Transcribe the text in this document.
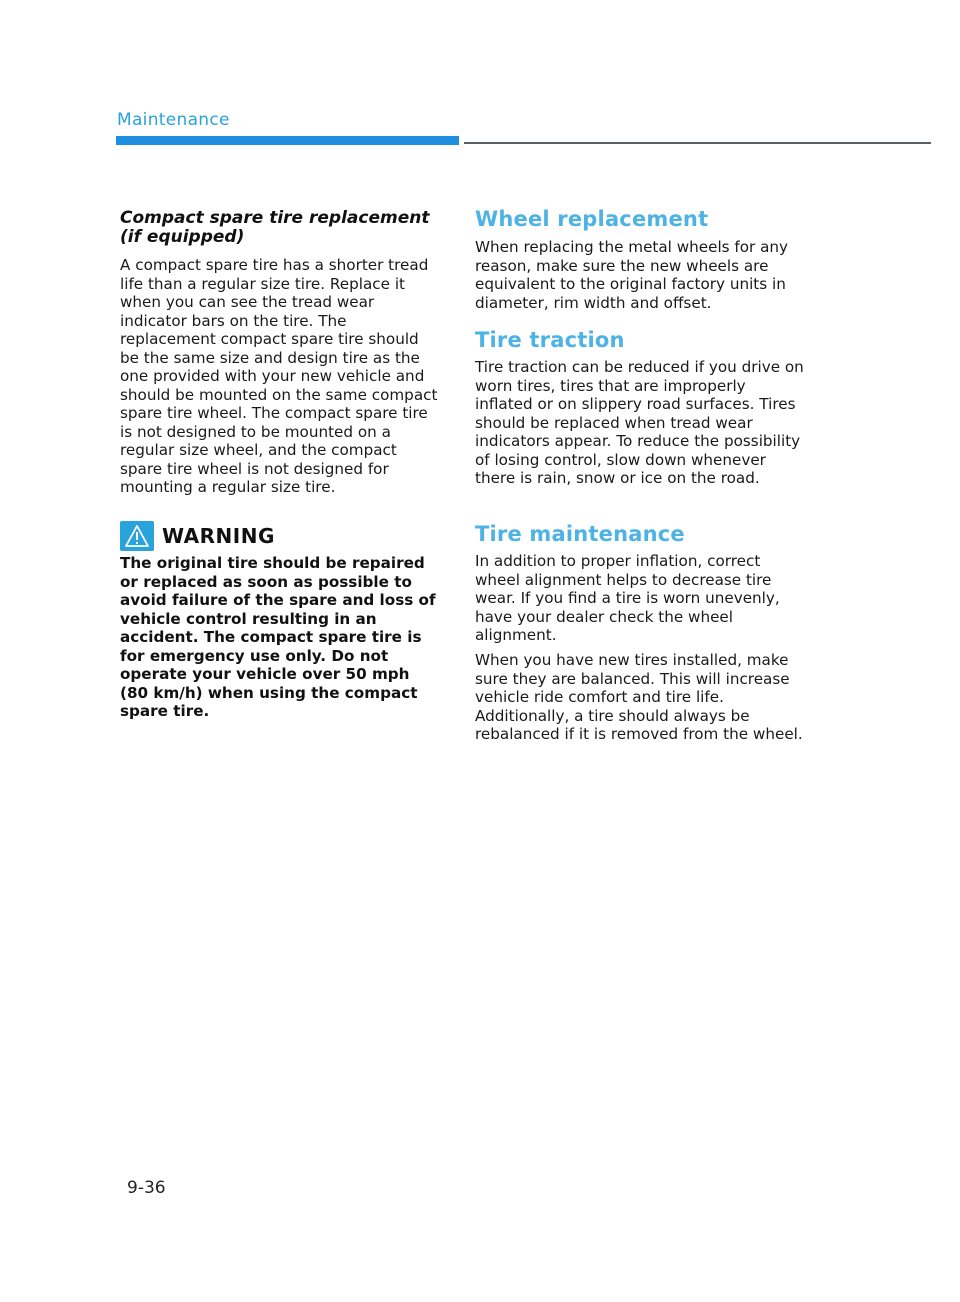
Maintenance
Compact spare tire replacement
(if equipped)

A compact spare tire has a shorter tread life than a regular size tire. Replace it when you can see the tread wear indicator bars on the tire. The replacement compact spare tire should be the same size and design tire as the one provided with your new vehicle and should be mounted on the same compact spare tire wheel. The compact spare tire is not designed to be mounted on a regular size wheel, and the compact spare tire wheel is not designed for mounting a regular size tire.

WARNING

The original tire should be repaired or replaced as soon as possible to avoid failure of the spare and loss of vehicle control resulting in an accident. The compact spare tire is for emergency use only. Do not operate your vehicle over 50 mph (80 km/h) when using the compact spare tire.

Wheel replacement

When replacing the metal wheels for any reason, make sure the new wheels are equivalent to the original factory units in diameter, rim width and offset.

Tire traction

Tire traction can be reduced if you drive on worn tires, tires that are improperly inflated or on slippery road surfaces. Tires should be replaced when tread wear indicators appear. To reduce the possibility of losing control, slow down whenever there is rain, snow or ice on the road.

Tire maintenance

In addition to proper inflation, correct wheel alignment helps to decrease tire wear. If you find a tire is worn unevenly, have your dealer check the wheel alignment.

When you have new tires installed, make sure they are balanced. This will increase vehicle ride comfort and tire life. Additionally, a tire should always be rebalanced if it is removed from the wheel.

9-36
